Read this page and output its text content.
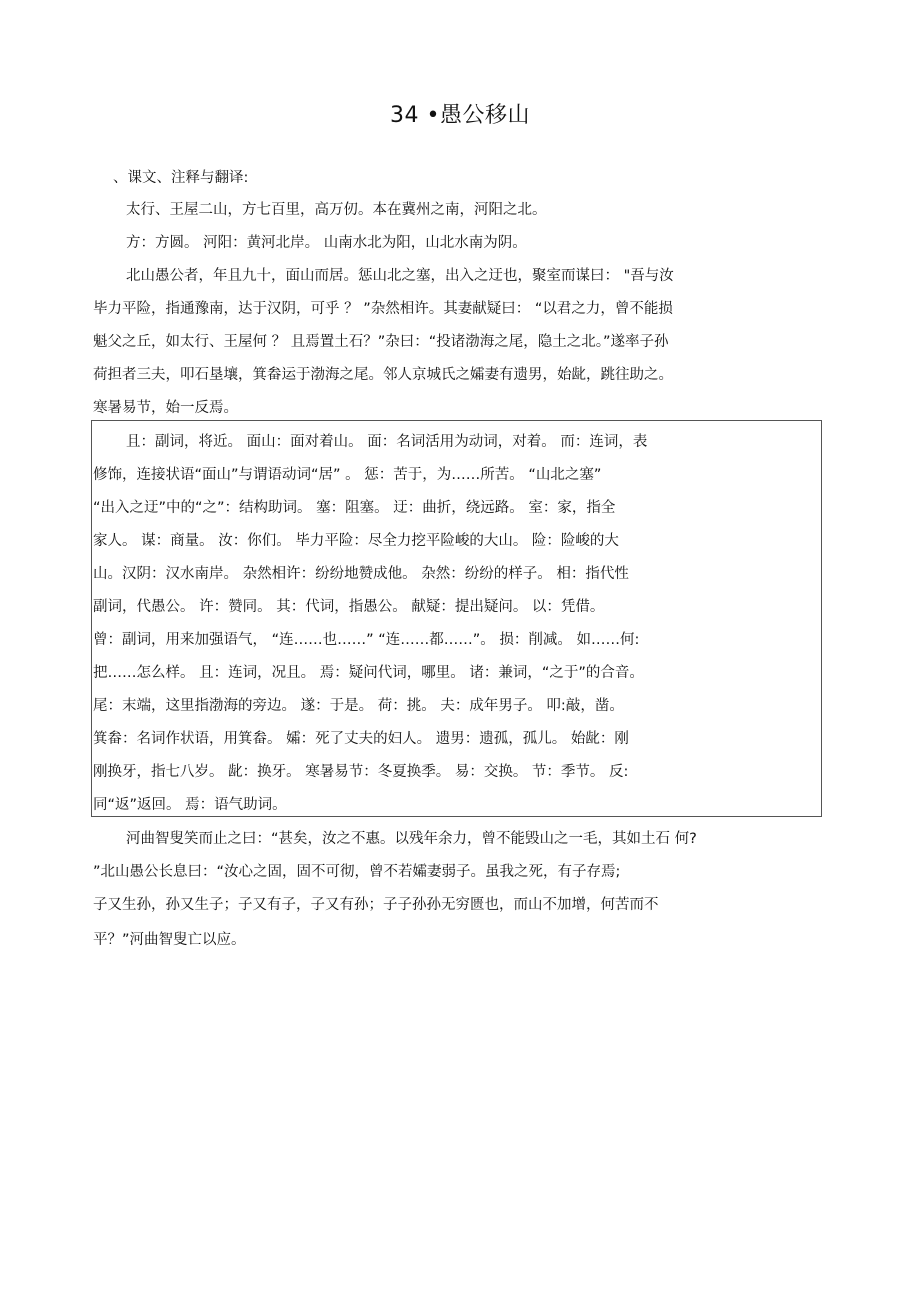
34 •愚公移山
、课文、注释与翻译:
太行、王屋二山，方七百里，高万仞。本在冀州之南，河阳之北。
方：方圆。 河阳：黄河北岸。 山南水北为阳，山北水南为阴。
北山愚公者，年且九十，面山而居。惩山北之塞，出入之迂也，聚室而谋曰： "吾与汝
毕力平险，指通豫南，达于汉阴，可乎 ？ ”杂然相许。其妻献疑曰： “以君之力，曾不能损
魁父之丘，如太行、王屋何 ？ 且焉置土石？”杂曰：“投诸渤海之尾，隐土之北。”遂率子孙
荷担者三夫，叩石垦壤，箕畚运于渤海之尾。邻人京城氏之孀妻有遗男，始龀，跳往助之。
寒暑易节，始一反焉。
且：副词，将近。 面山：面对着山。 面：名词活用为动词，对着。 而：连词，表
修饰，连接状语“面山”与谓语动词“居” 。 惩：苦于，为……所苦。 “山北之塞”
“出入之迂”中的“之”：结构助词。 塞：阻塞。 迂：曲折，绕远路。 室：家，指全
家人。 谋：商量。 汝：你们。 毕力平险：尽全力挖平险峻的大山。 险：险峻的大
山。汉阴：汉水南岸。 杂然相许：纷纷地赞成他。 杂然：纷纷的样子。 相：指代性
副词，代愚公。 许：赞同。 其：代词，指愚公。 献疑：提出疑问。 以：凭借。
曾：副词，用来加强语气， “连……也……” “连……都……”。 损：削减。 如……何:
把……怎么样。 且：连词，况且。 焉：疑问代词，哪里。 诸：兼词，“之于”的合音。
尾：末端，这里指渤海的旁边。 遂：于是。 荷：挑。 夫：成年男子。 叩:敲，凿。
箕畚：名词作状语，用箕畚。 孀：死了丈夫的妇人。 遗男：遗孤，孤儿。 始龀：刚
刚换牙，指七八岁。 龀：换牙。 寒暑易节：冬夏换季。 易：交换。 节：季节。 反:
同“返”返回。 焉：语气助词。
河曲智叟笑而止之曰：“甚矣，汝之不惠。以残年余力，曾不能毁山之一毛，其如土石 何?
”北山愚公长息曰：“汝心之固，固不可彻，曾不若孀妻弱子。虽我之死，有子存焉;
子又生孙，孙又生子；子又有子，子又有孙；子子孙孙无穷匮也，而山不加增，何苦而不
平？”河曲智叟亡以应。
